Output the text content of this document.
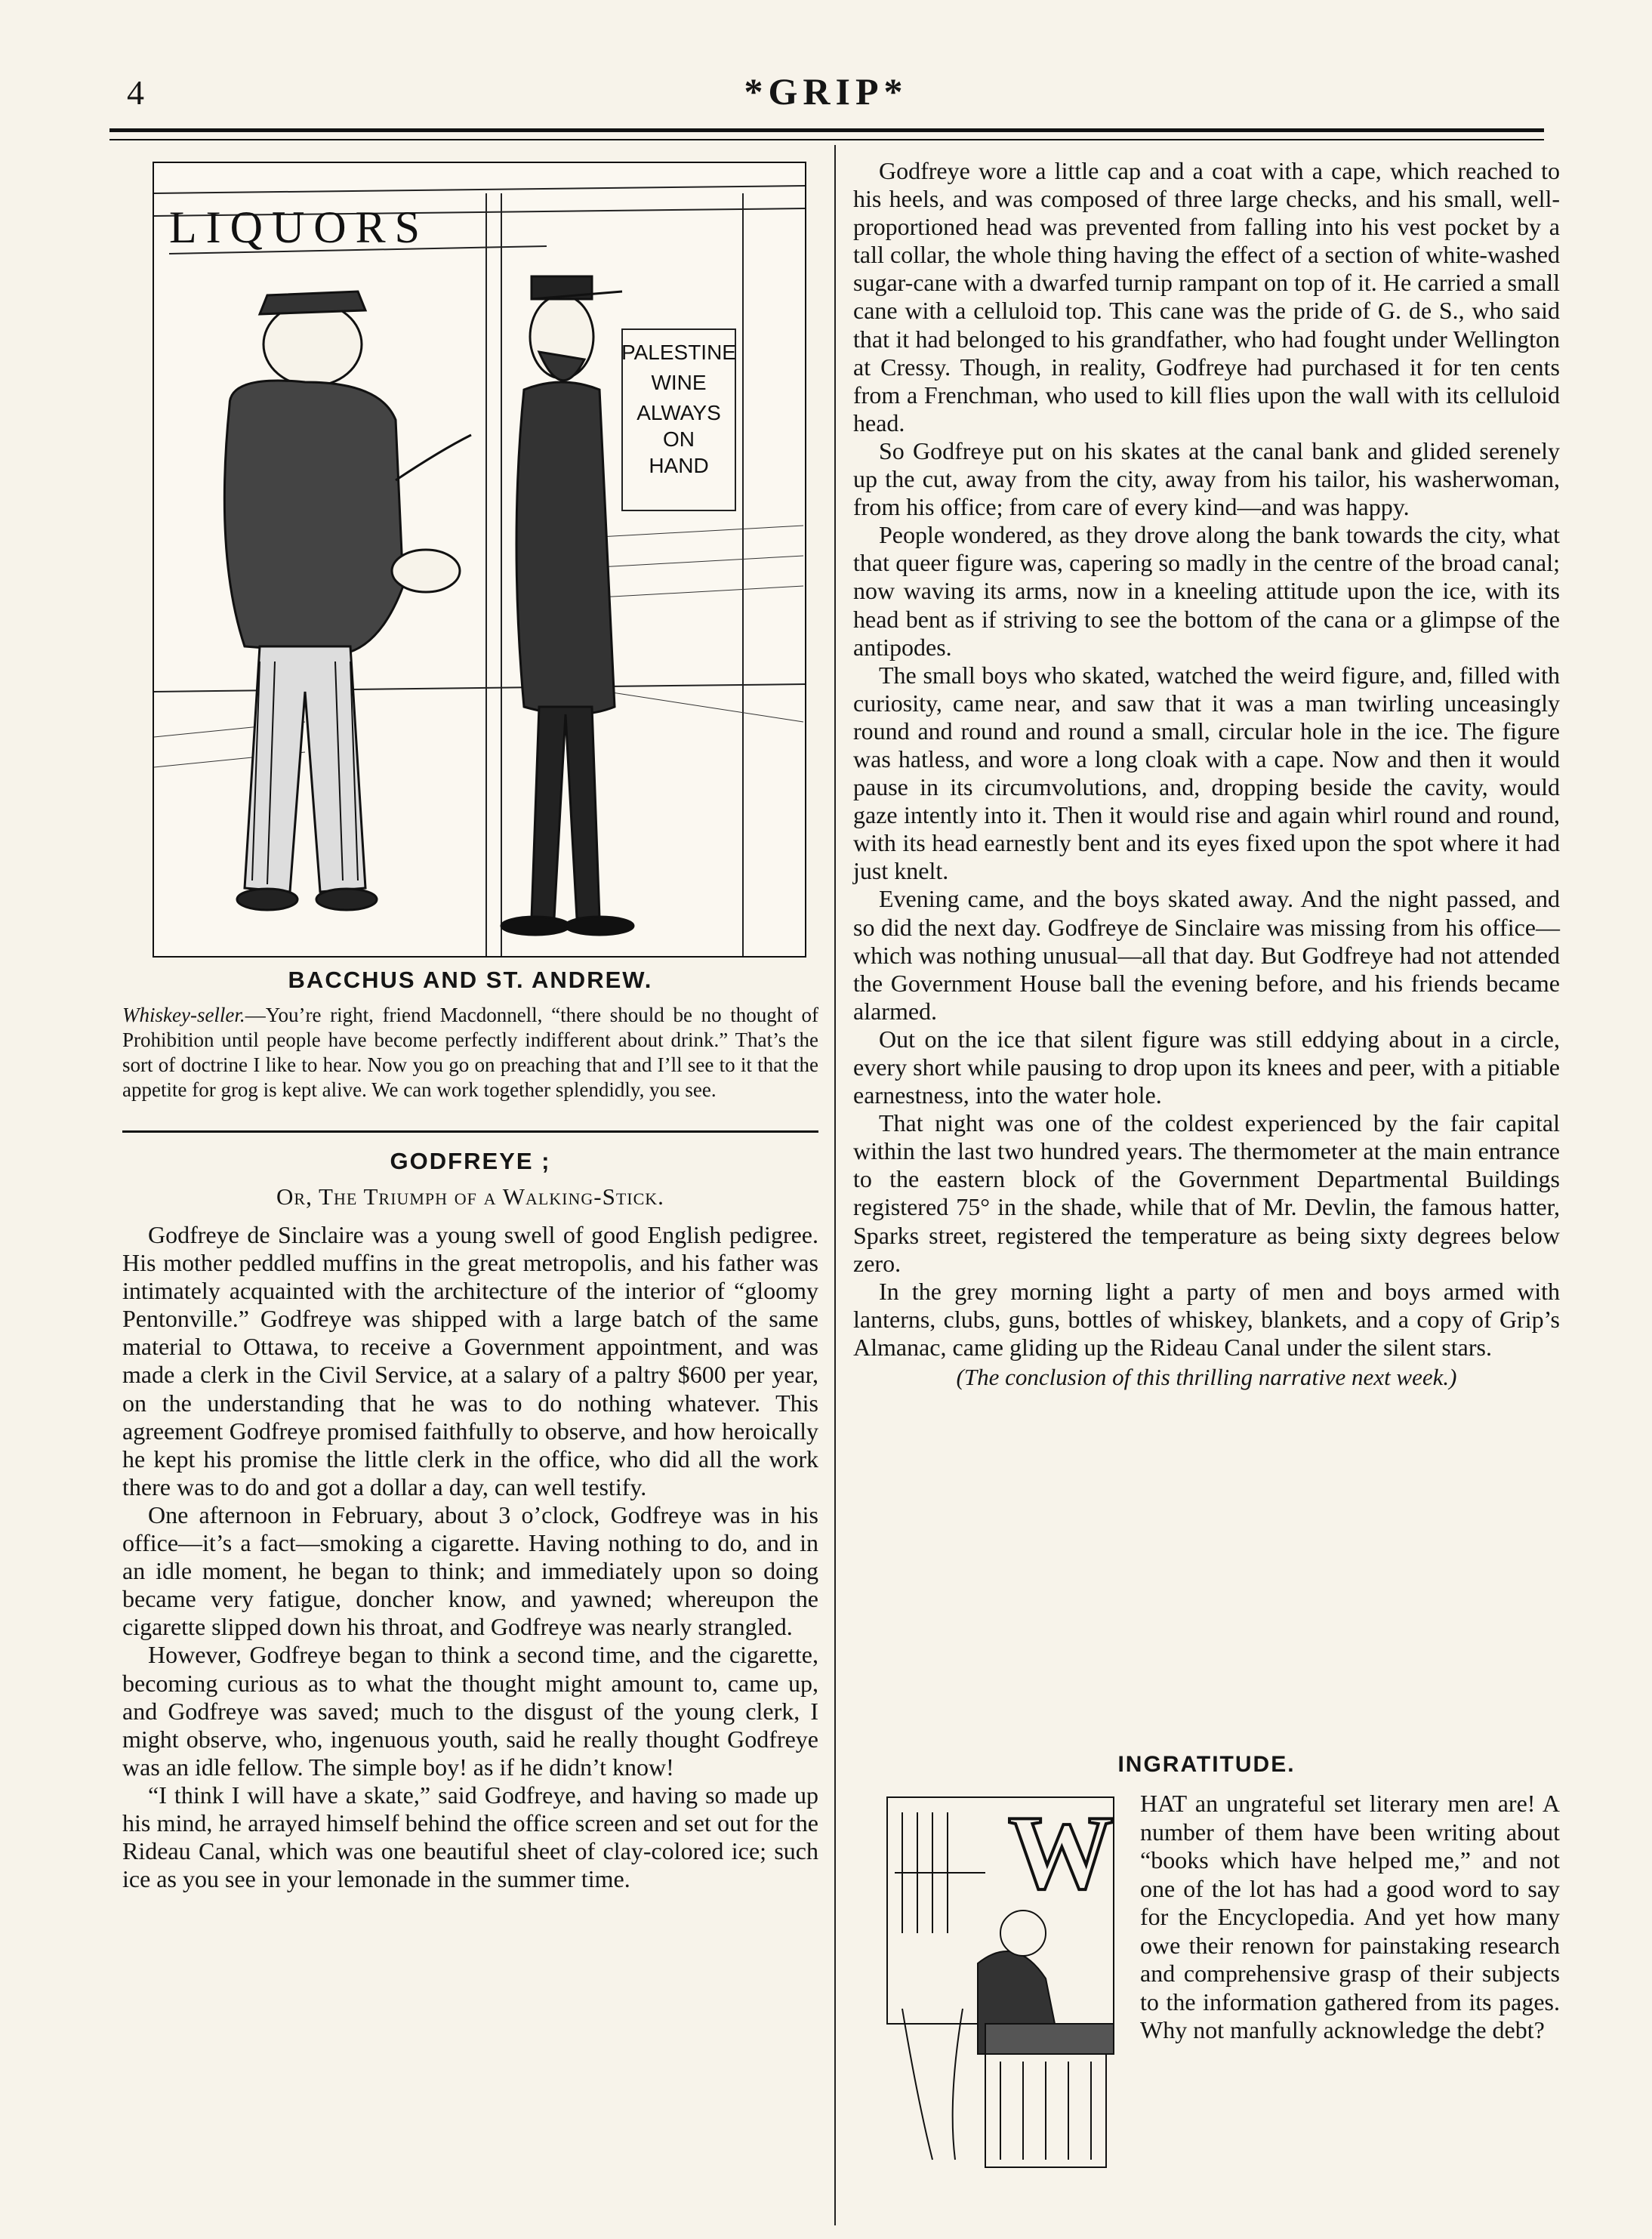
4	*GRIP*
LIQUORS
PALESTINE
WINE
ALWAYS
ON
HAND
BACCHUS AND ST. ANDREW.
Whiskey-seller.—You’re right, friend Macdonnell, “there should be no thought of Prohibition until people have become perfectly indifferent about drink.” That’s the sort of doctrine I like to hear. Now you go on preaching that and I’ll see to it that the appetite for grog is kept alive. We can work together splendidly, you see.
GODFREYE ;
Or, The Triumph of a Walking-Stick.

Godfreye de Sinclaire was a young swell of good English pedigree. His mother peddled muffins in the great metropolis, and his father was intimately acquainted with the architecture of the interior of “gloomy Pentonville.” Godfreye was shipped with a large batch of the same material to Ottawa, to receive a Government appointment, and was made a clerk in the Civil Service, at a salary of a paltry $600 per year, on the understanding that he was to do nothing whatever. This agreement Godfreye promised faithfully to observe, and how heroically he kept his promise the little clerk in the office, who did all the work there was to do and got a dollar a day, can well testify.

One afternoon in February, about 3 o’clock, Godfreye was in his office—it’s a fact—smoking a cigarette. Having nothing to do, and in an idle moment, he began to think; and immediately upon so doing became very fatigue, doncher know, and yawned; whereupon the cigarette slipped down his throat, and Godfreye was nearly strangled.

However, Godfreye began to think a second time, and the cigarette, becoming curious as to what the thought might amount to, came up, and Godfreye was saved; much to the disgust of the young clerk, I might observe, who, ingenuous youth, said he really thought Godfreye was an idle fellow. The simple boy! as if he didn’t know!

“I think I will have a skate,” said Godfreye, and having so made up his mind, he arrayed himself behind the office screen and set out for the Rideau Canal, which was one beautiful sheet of clay-colored ice; such ice as you see in your lemonade in the summer time.

Godfreye wore a little cap and a coat with a cape, which reached to his heels, and was composed of three large checks, and his small, well-proportioned head was prevented from falling into his vest pocket by a tall collar, the whole thing having the effect of a section of white-washed sugar-cane with a dwarfed turnip rampant on top of it. He carried a small cane with a celluloid top. This cane was the pride of G. de S., who said that it had belonged to his grandfather, who had fought under Wellington at Cressy. Though, in reality, Godfreye had purchased it for ten cents from a Frenchman, who used to kill flies upon the wall with its celluloid head.

So Godfreye put on his skates at the canal bank and glided serenely up the cut, away from the city, away from his tailor, his washerwoman, from his office; from care of every kind—and was happy.

People wondered, as they drove along the bank towards the city, what that queer figure was, capering so madly in the centre of the broad canal; now waving its arms, now in a kneeling attitude upon the ice, with its head bent as if striving to see the bottom of the cana or a glimpse of the antipodes.

The small boys who skated, watched the weird figure, and, filled with curiosity, came near, and saw that it was a man twirling unceasingly round and round and round a small, circular hole in the ice. The figure was hatless, and wore a long cloak with a cape. Now and then it would pause in its circumvolutions, and, dropping beside the cavity, would gaze intently into it. Then it would rise and again whirl round and round, with its head earnestly bent and its eyes fixed upon the spot where it had just knelt.

Evening came, and the boys skated away. And the night passed, and so did the next day. Godfreye de Sinclaire was missing from his office—which was nothing unusual—all that day. But Godfreye had not attended the Government House ball the evening before, and his friends became alarmed.

Out on the ice that silent figure was still eddying about in a circle, every short while pausing to drop upon its knees and peer, with a pitiable earnestness, into the water hole.

That night was one of the coldest experienced by the fair capital within the last two hundred years. The thermometer at the main entrance to the eastern block of the Government Departmental Buildings registered 75° in the shade, while that of Mr. Devlin, the famous hatter, Sparks street, registered the temperature as being sixty degrees below zero.

In the grey morning light a party of men and boys armed with lanterns, clubs, guns, bottles of whiskey, blankets, and a copy of Grip’s Almanac, came gliding up the Rideau Canal under the silent stars.

(The conclusion of this thrilling narrative next week.)
INGRATITUDE.
W HAT an ungrateful set literary men are! A number of them have been writing about “books which have helped me,” and not one of the lot has had a good word to say for the Encyclopedia. And yet how many owe their renown for painstaking research and comprehensive grasp of their subjects to the information gathered from its pages. Why not manfully acknowledge the debt?
